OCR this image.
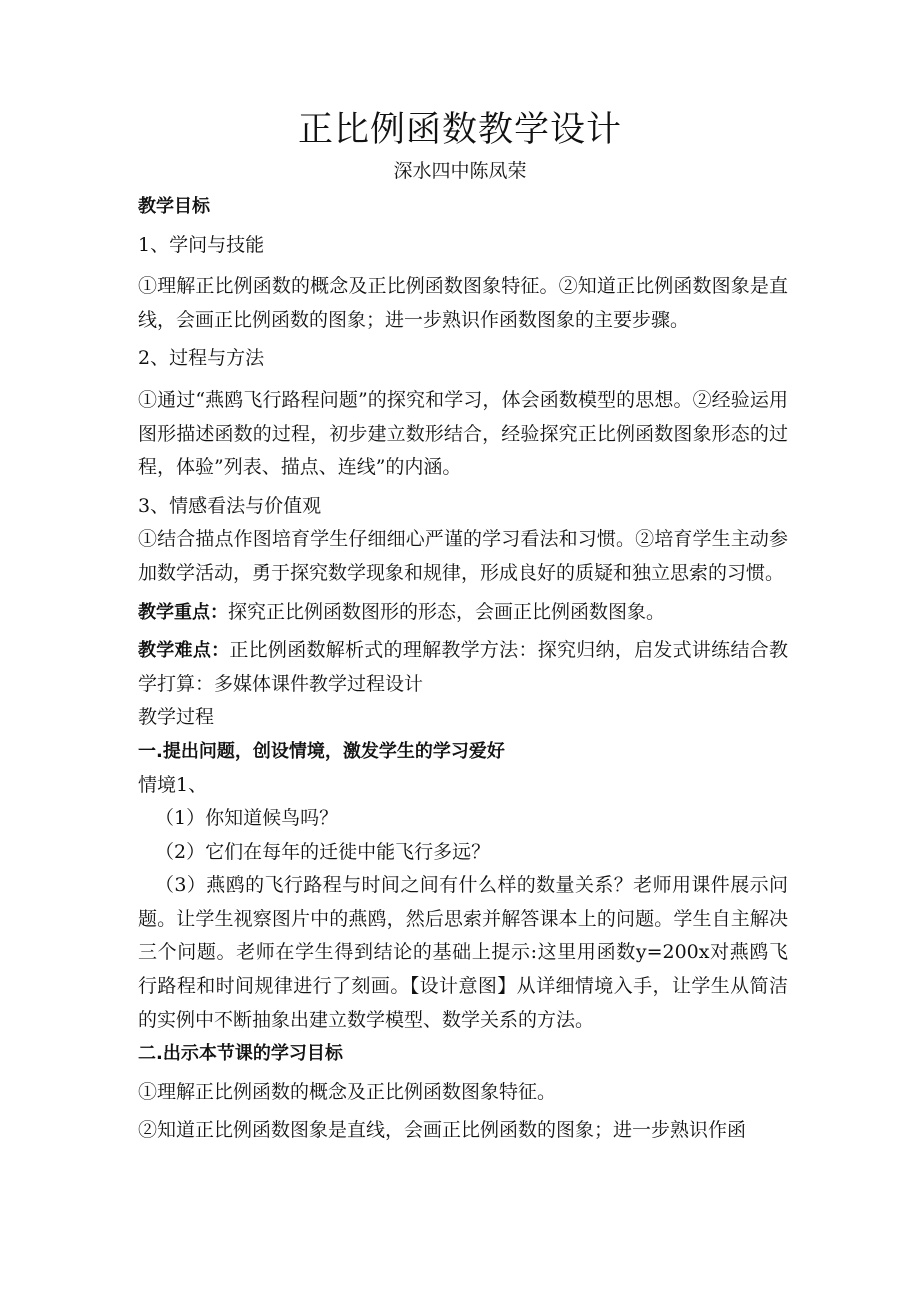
正比例函数教学设计
深水四中陈凤荣

教学目标

1、学问与技能

①理解正比例函数的概念及正比例函数图象特征。②知道正比例函数图象是直线，会画正比例函数的图象；进一步熟识作函数图象的主要步骤。

2、过程与方法

①通过“燕鸥飞行路程问题”的探究和学习，体会函数模型的思想。②经验运用图形描述函数的过程，初步建立数形结合，经验探究正比例函数图象形态的过程，体验”列表、描点、连线”的内涵。

3、情感看法与价值观

①结合描点作图培育学生仔细细心严谨的学习看法和习惯。②培育学生主动参加数学活动，勇于探究数学现象和规律，形成良好的质疑和独立思索的习惯。

教学重点：探究正比例函数图形的形态，会画正比例函数图象。

教学难点：正比例函数解析式的理解教学方法：探究归纳，启发式讲练结合教学打算：多媒体课件教学过程设计

教学过程

一.提出问题，创设情境，激发学生的学习爱好

情境1、

（1）你知道候鸟吗？

（2）它们在每年的迁徙中能飞行多远？

（3）燕鸥的飞行路程与时间之间有什么样的数量关系？老师用课件展示问题。让学生视察图片中的燕鸥，然后思索并解答课本上的问题。学生自主解决三个问题。老师在学生得到结论的基础上提示:这里用函数y=200x对燕鸥飞行路程和时间规律进行了刻画。【设计意图】从详细情境入手，让学生从简洁的实例中不断抽象出建立数学模型、数学关系的方法。

二.出示本节课的学习目标

①理解正比例函数的概念及正比例函数图象特征。

②知道正比例函数图象是直线，会画正比例函数的图象；进一步熟识作函
